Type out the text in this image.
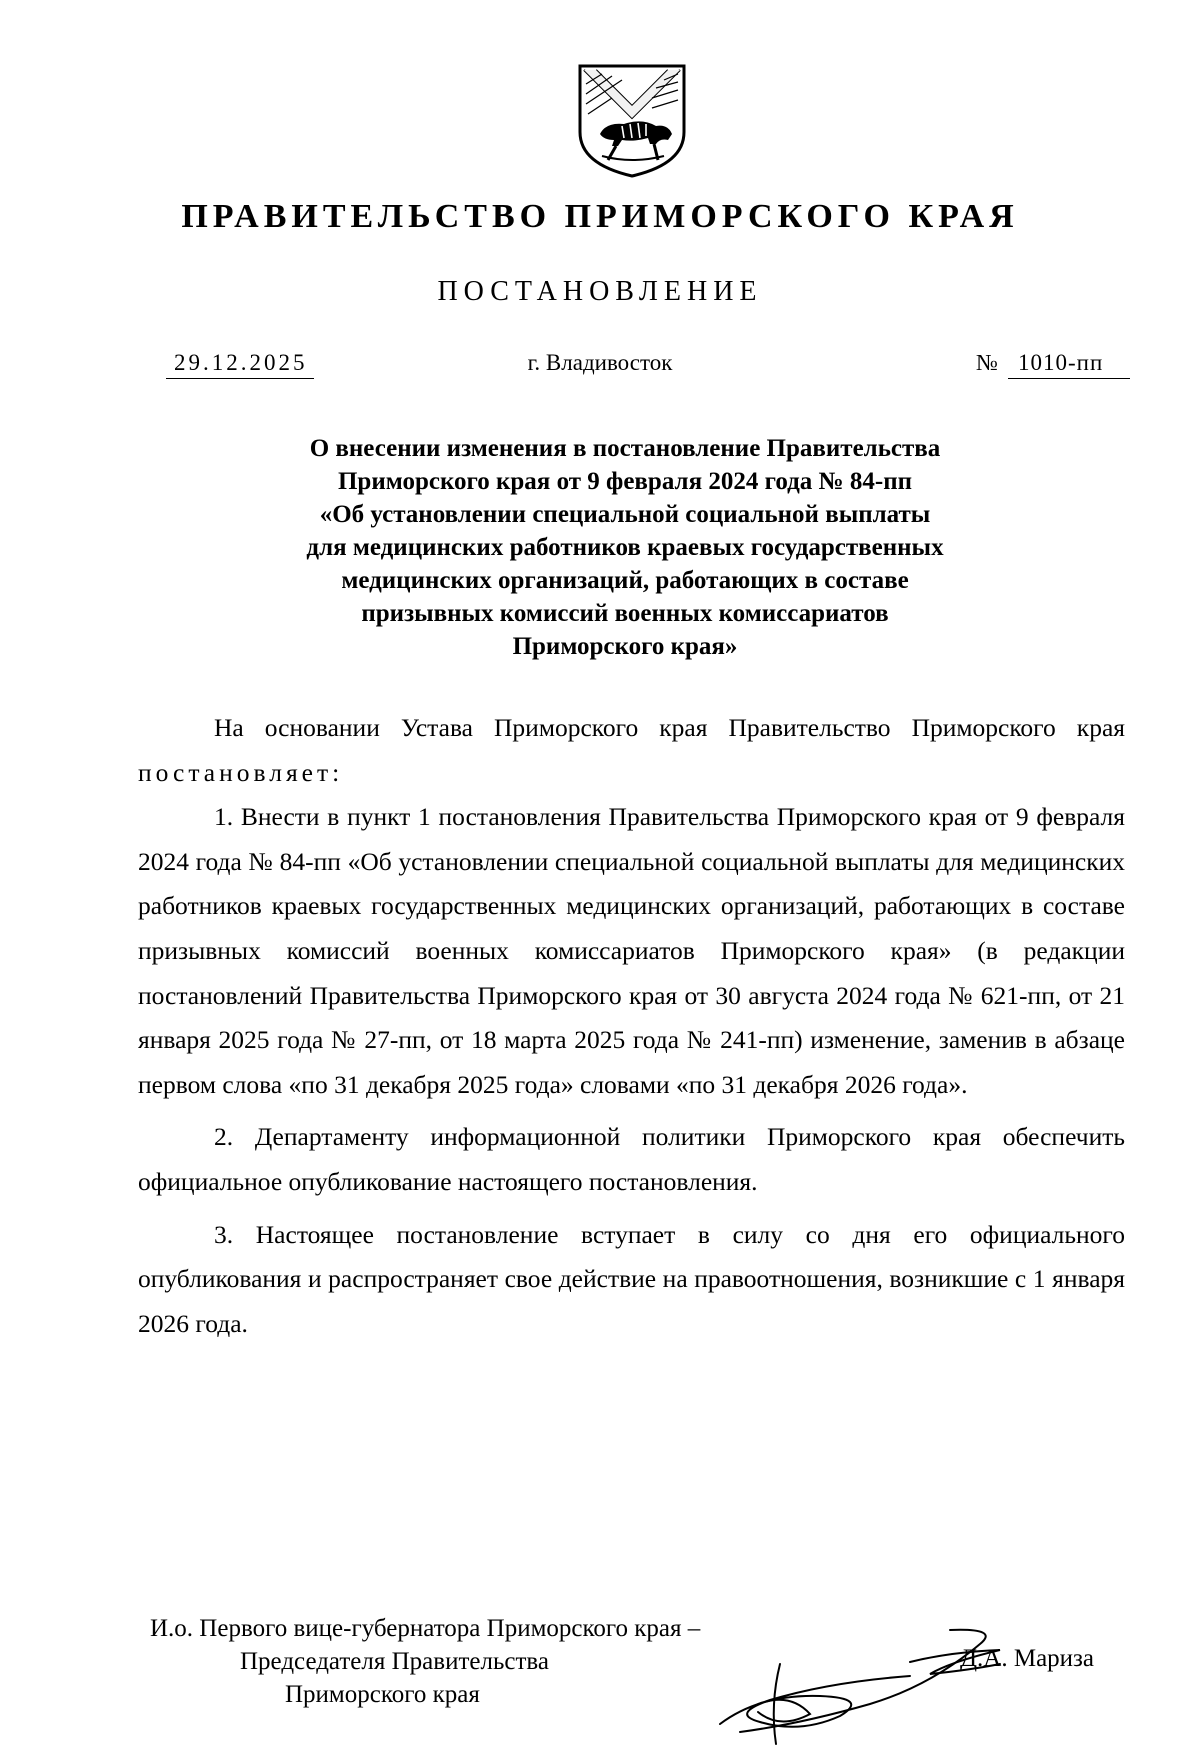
ПРАВИТЕЛЬСТВО ПРИМОРСКОГО КРАЯ
ПОСТАНОВЛЕНИЕ
29.12.2025	г. Владивосток	№ 1010-пп
О внесении изменения в постановление Правительства
Приморского края от 9 февраля 2024 года № 84-пп
«Об установлении специальной социальной выплаты
для медицинских работников краевых государственных
медицинских организаций, работающих в составе
призывных комиссий военных комиссариатов
Приморского края»

На основании Устава Приморского края Правительство Приморского края постановляет:

1. Внести в пункт 1 постановления Правительства Приморского края от 9 февраля 2024 года № 84-пп «Об установлении специальной социальной выплаты для медицинских работников краевых государственных медицинских организаций, работающих в составе призывных комиссий военных комиссариатов Приморского края» (в редакции постановлений Правительства Приморского края от 30 августа 2024 года № 621-пп, от 21 января 2025 года № 27-пп, от 18 марта 2025 года № 241-пп) изменение, заменив в абзаце первом слова «по 31 декабря 2025 года» словами «по 31 декабря 2026 года».

2. Департаменту информационной политики Приморского края обеспечить официальное опубликование настоящего постановления.

3. Настоящее постановление вступает в силу со дня его официального опубликования и распространяет свое действие на правоотношения, возникшие с 1 января 2026 года.

И.о. Первого вице-губернатора Приморского края –
Председателя Правительства
Приморского края
Д.А. Мариза
